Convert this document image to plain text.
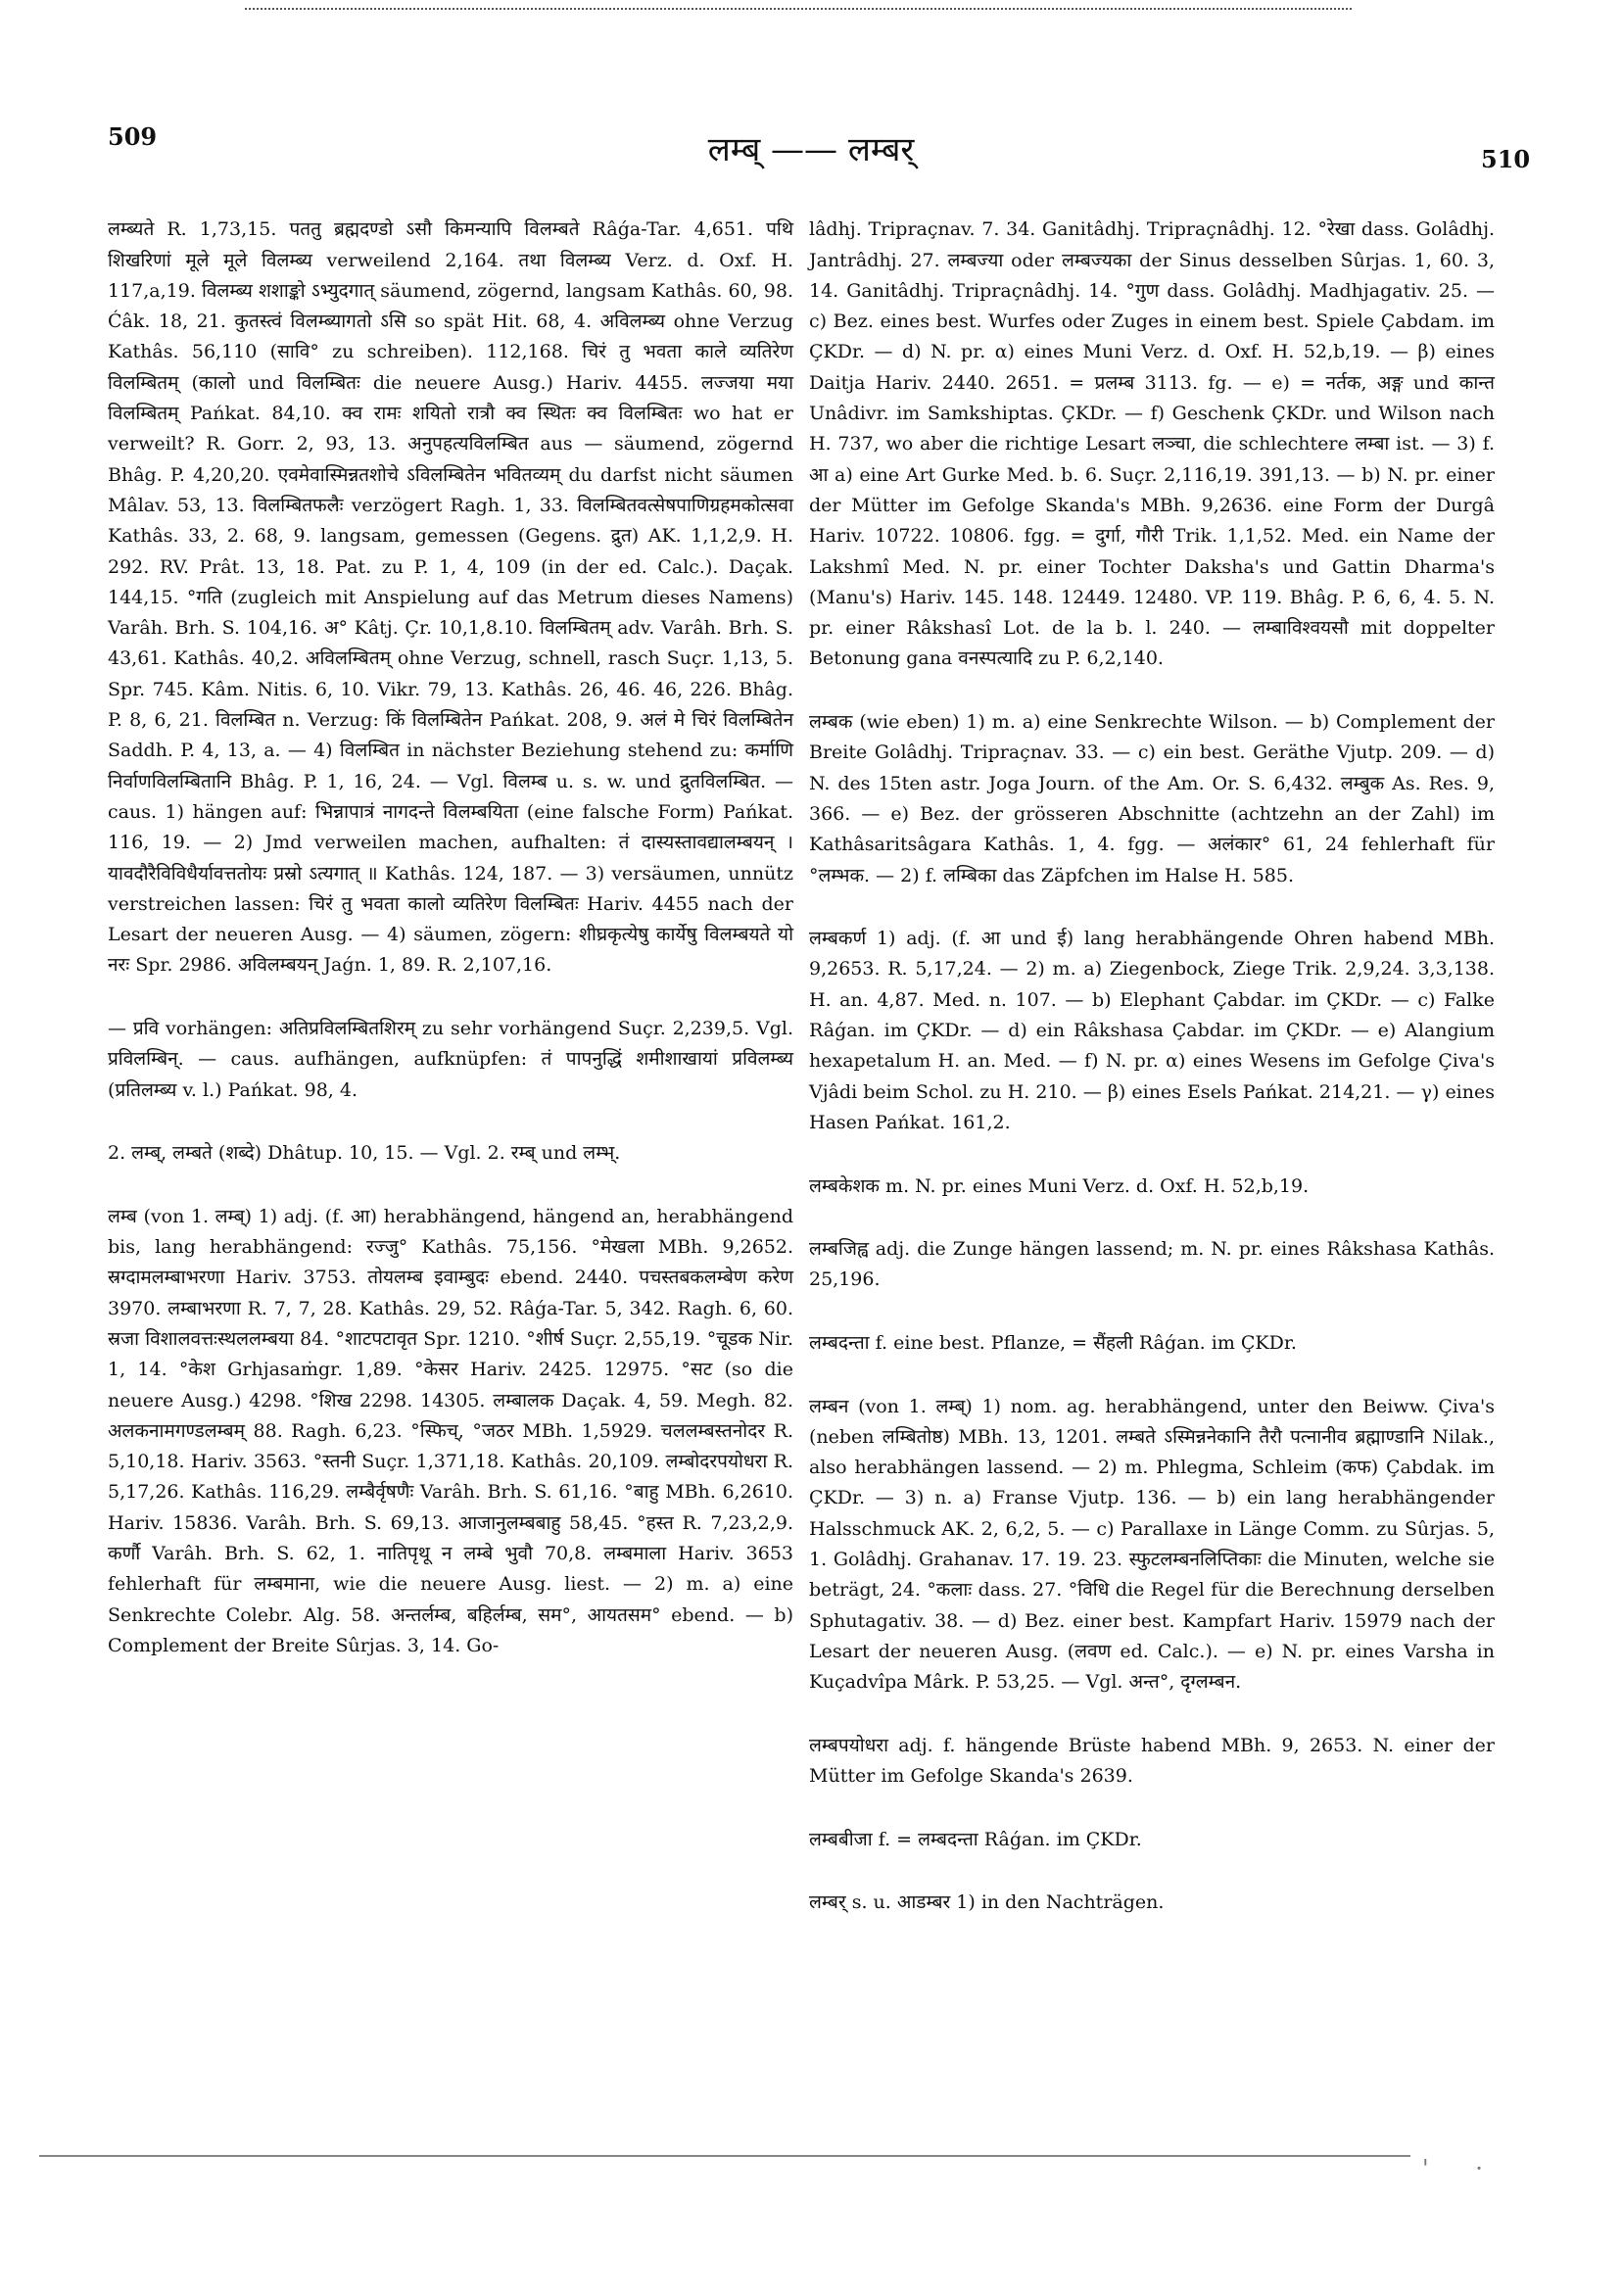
509	लम्ब् —— लम्बर्	510

लम्ब्यते R. 1,73,15. पततु ब्रह्मदण्डो ऽसौ किमन्यापि विलम्बते Râǵa-Tar. 4,651. पथि शिखरिणां मूले मूले विलम्ब्य verweilend 2,164. तथा विलम्ब्य Verz. d. Oxf. H. 117,a,19. विलम्ब्य शशाङ्को ऽभ्युदगात् säumend, zögernd, langsam Kathâs. 60, 98. Ćâk. 18, 21. कुतस्त्वं विलम्ब्यागतो ऽसि so spät Hit. 68, 4. अविलम्ब्य ohne Verzug Kathâs. 56,110 (सावि° zu schreiben). 112,168. चिरं तु भवता काले व्यतिरेण विलम्बितम् (कालो und विलम्बितः die neuere Ausg.) Hariv. 4455. लज्जया मया विलम्बितम् Pańkat. 84,10. क्व रामः शयितो रात्रौ क्व स्थितः क्व विलम्बितः wo hat er verweilt? R. Gorr. 2, 93, 13. अनुपहत्यविलम्बित aus — säumend, zögernd Bhâg. P. 4,20,20. एवमेवास्मिन्नतशोचे ऽविलम्बितेन भवितव्यम् du darfst nicht säumen Mâlav. 53, 13. विलम्बितफलैः verzögert Ragh. 1, 33. विलम्बितवत्सेषपाणिग्रहमकोत्सवा Kathâs. 33, 2. 68, 9. langsam, gemessen (Gegens. द्रुत) AK. 1,1,2,9. H. 292. RV. Prât. 13, 18. Pat. zu P. 1, 4, 109 (in der ed. Calc.). Daçak. 144,15. °गति (zugleich mit Anspielung auf das Metrum dieses Namens) Varâh. Brh. S. 104,16. अ° Kâtj. Çr. 10,1,8.10. विलम्बितम् adv. Varâh. Brh. S. 43,61. Kathâs. 40,2. अविलम्बितम् ohne Verzug, schnell, rasch Suçr. 1,13, 5. Spr. 745. Kâm. Nitis. 6, 10. Vikr. 79, 13. Kathâs. 26, 46. 46, 226. Bhâg. P. 8, 6, 21. विलम्बित n. Verzug: किं विलम्बितेन Pańkat. 208, 9. अलं मे चिरं विलम्बितेन Saddh. P. 4, 13, a. — 4) विलम्बित in nächster Beziehung stehend zu: कर्माणि निर्वाणविलम्बितानि Bhâg. P. 1, 16, 24. — Vgl. विलम्ब u. s. w. und द्रुतविलम्बित. — caus. 1) hängen auf: भिन्नापात्रं नागदन्ते विलम्बयिता (eine falsche Form) Pańkat. 116, 19. — 2) Jmd verweilen machen, aufhalten: तं दास्यस्तावद्यालम्बयन् । यावदौरैविविधैर्यावत्ततोयः प्रस्रो ऽत्यगात् ॥ Kathâs. 124, 187. — 3) versäumen, unnütz verstreichen lassen: चिरं तु भवता कालो व्यतिरेण विलम्बितः Hariv. 4455 nach der Lesart der neueren Ausg. — 4) säumen, zögern: शीघ्रकृत्येषु कार्येषु विलम्बयते यो नरः Spr. 2986. अविलम्बयन् Jaǵn. 1, 89. R. 2,107,16.

— प्रवि vorhängen: अतिप्रविलम्बितशिरम् zu sehr vorhängend Suçr. 2,239,5. Vgl. प्रविलम्बिन्. — caus. aufhängen, aufknüpfen: तं पापनुद्धिं शमीशाखायां प्रविलम्ब्य (प्रतिलम्ब्य v. l.) Pańkat. 98, 4.

2. लम्ब्, लम्बते (शब्दे) Dhâtup. 10, 15. — Vgl. 2. रम्ब् und लम्भ्.

लम्ब (von 1. लम्ब्) 1) adj. (f. आ) herabhängend, hängend an, herabhängend bis, lang herabhängend: रज्जु° Kathâs. 75,156. °मेखला MBh. 9,2652. स्रग्दामलम्बाभरणा Hariv. 3753. तोयलम्ब इवाम्बुदः ebend. 2440. पचस्तबकलम्बेण करेण 3970. लम्बाभरणा R. 7, 7, 28. Kathâs. 29, 52. Râǵa-Tar. 5, 342. Ragh. 6, 60. स्रजा विशालवत्तःस्थललम्बया 84. °शाटपटावृत Spr. 1210. °शीर्ष Suçr. 2,55,19. °चूडक Nir. 1, 14. °केश Grhjasaṁgr. 1,89. °केसर Hariv. 2425. 12975. °सट (so die neuere Ausg.) 4298. °शिख 2298. 14305. लम्बालक Daçak. 4, 59. Megh. 82. अलकनामगण्डलम्बम् 88. Ragh. 6,23. °स्फिच्, °जठर MBh. 1,5929. चललम्बस्तनोदर R. 5,10,18. Hariv. 3563. °स्तनी Suçr. 1,371,18. Kathâs. 20,109. लम्बोदरपयोधरा R. 5,17,26. Kathâs. 116,29. लम्बैर्वृषणैः Varâh. Brh. S. 61,16. °बाहु MBh. 6,2610. Hariv. 15836. Varâh. Brh. S. 69,13. आजानुलम्बबाहु 58,45. °हस्त R. 7,23,2,9. कर्णौ Varâh. Brh. S. 62, 1. नातिपृथू न लम्बे भुवौ 70,8. लम्बमाला Hariv. 3653 fehlerhaft für लम्बमाना, wie die neuere Ausg. liest. — 2) m. a) eine Senkrechte Colebr. Alg. 58. अन्तर्लम्ब, बहिर्लम्ब, सम°, आयतसम° ebend. — b) Complement der Breite Sûrjas. 3, 14. Go-

lâdhj. Tripraçnav. 7. 34. Ganitâdhj. Tripraçnâdhj. 12. °रेखा dass. Golâdhj. Jantrâdhj. 27. लम्बज्या oder लम्बज्यका der Sinus desselben Sûrjas. 1, 60. 3, 14. Ganitâdhj. Tripraçnâdhj. 14. °गुण dass. Golâdhj. Madhjagativ. 25. — c) Bez. eines best. Wurfes oder Zuges in einem best. Spiele Çabdam. im ÇKDr. — d) N. pr. α) eines Muni Verz. d. Oxf. H. 52,b,19. — β) eines Daitja Hariv. 2440. 2651. = प्रलम्ब 3113. fg. — e) = नर्तक, अङ्ग und कान्त Unâdivr. im Samkshiptas. ÇKDr. — f) Geschenk ÇKDr. und Wilson nach H. 737, wo aber die richtige Lesart लञ्चा, die schlechtere लम्बा ist. — 3) f. आ a) eine Art Gurke Med. b. 6. Suçr. 2,116,19. 391,13. — b) N. pr. einer der Mütter im Gefolge Skanda's MBh. 9,2636. eine Form der Durgâ Hariv. 10722. 10806. fgg. = दुर्गा, गौरी Trik. 1,1,52. Med. ein Name der Lakshmî Med. N. pr. einer Tochter Daksha's und Gattin Dharma's (Manu's) Hariv. 145. 148. 12449. 12480. VP. 119. Bhâg. P. 6, 6, 4. 5. N. pr. einer Râkshasî Lot. de la b. l. 240. — लम्बाविश्वयसौ mit doppelter Betonung gana वनस्पत्यादि zu P. 6,2,140.

लम्बक (wie eben) 1) m. a) eine Senkrechte Wilson. — b) Complement der Breite Golâdhj. Tripraçnav. 33. — c) ein best. Geräthe Vjutp. 209. — d) N. des 15ten astr. Joga Journ. of the Am. Or. S. 6,432. लम्बुक As. Res. 9, 366. — e) Bez. der grösseren Abschnitte (achtzehn an der Zahl) im Kathâsaritsâgara Kathâs. 1, 4. fgg. — अलंकार° 61, 24 fehlerhaft für °लम्भक. — 2) f. लम्बिका das Zäpfchen im Halse H. 585.

लम्बकर्ण 1) adj. (f. आ und ई) lang herabhängende Ohren habend MBh. 9,2653. R. 5,17,24. — 2) m. a) Ziegenbock, Ziege Trik. 2,9,24. 3,3,138. H. an. 4,87. Med. n. 107. — b) Elephant Çabdar. im ÇKDr. — c) Falke Râǵan. im ÇKDr. — d) ein Râkshasa Çabdar. im ÇKDr. — e) Alangium hexapetalum H. an. Med. — f) N. pr. α) eines Wesens im Gefolge Çiva's Vjâdi beim Schol. zu H. 210. — β) eines Esels Pańkat. 214,21. — γ) eines Hasen Pańkat. 161,2.

लम्बकेशक m. N. pr. eines Muni Verz. d. Oxf. H. 52,b,19.

लम्बजिह्व adj. die Zunge hängen lassend; m. N. pr. eines Râkshasa Kathâs. 25,196.

लम्बदन्ता f. eine best. Pflanze, = सैंहली Râǵan. im ÇKDr.

लम्बन (von 1. लम्ब्) 1) nom. ag. herabhängend, unter den Beiww. Çiva's (neben लम्बितोष्ठ) MBh. 13, 1201. लम्बते ऽस्मिन्ननेकानि तैरौ पत्नानीव ब्रह्माण्डानि Nilak., also herabhängen lassend. — 2) m. Phlegma, Schleim (कफ) Çabdak. im ÇKDr. — 3) n. a) Franse Vjutp. 136. — b) ein lang herabhängender Halsschmuck AK. 2, 6,2, 5. — c) Parallaxe in Länge Comm. zu Sûrjas. 5, 1. Golâdhj. Grahanav. 17. 19. 23. स्फुटलम्बनलिप्तिकाः die Minuten, welche sie beträgt, 24. °कलाः dass. 27. °विधि die Regel für die Berechnung derselben Sphutagativ. 38. — d) Bez. einer best. Kampfart Hariv. 15979 nach der Lesart der neueren Ausg. (लवण ed. Calc.). — e) N. pr. eines Varsha in Kuçadvîpa Mârk. P. 53,25. — Vgl. अन्त°, दृग्लम्बन.

लम्बपयोधरा adj. f. hängende Brüste habend MBh. 9, 2653. N. einer der Mütter im Gefolge Skanda's 2639.

लम्बबीजा f. = लम्बदन्ता Râǵan. im ÇKDr.

लम्बर् s. u. आडम्बर 1) in den Nachträgen.

' ·
